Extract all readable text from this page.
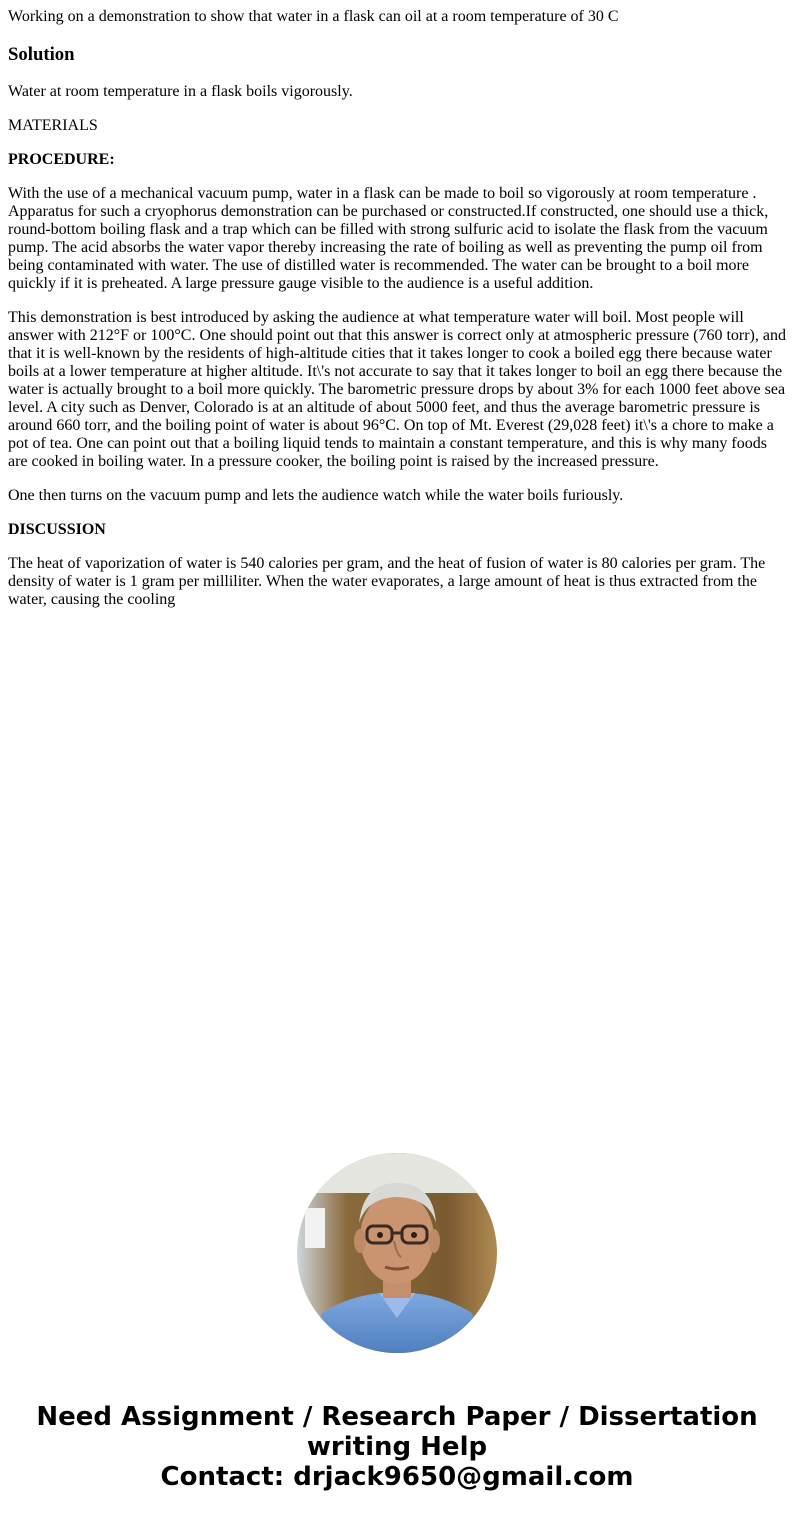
Working on a demonstration to show that water in a flask can oil at a room temperature of 30 C

Solution

Water at room temperature in a flask boils vigorously.

MATERIALS

PROCEDURE:

With the use of a mechanical vacuum pump, water in a flask can be made to boil so vigorously at room temperature . Apparatus for such a cryophorus demonstration can be purchased or constructed.If constructed, one should use a thick, round-bottom boiling flask and a trap which can be filled with strong sulfuric acid to isolate the flask from the vacuum pump. The acid absorbs the water vapor thereby increasing the rate of boiling as well as preventing the pump oil from being contaminated with water. The use of distilled water is recommended. The water can be brought to a boil more quickly if it is preheated. A large pressure gauge visible to the audience is a useful addition.

This demonstration is best introduced by asking the audience at what temperature water will boil. Most people will answer with 212°F or 100°C. One should point out that this answer is correct only at atmospheric pressure (760 torr), and that it is well-known by the residents of high-altitude cities that it takes longer to cook a boiled egg there because water boils at a lower temperature at higher altitude. It\'s not accurate to say that it takes longer to boil an egg there because the water is actually brought to a boil more quickly. The barometric pressure drops by about 3% for each 1000 feet above sea level. A city such as Denver, Colorado is at an altitude of about 5000 feet, and thus the average barometric pressure is around 660 torr, and the boiling point of water is about 96°C. On top of Mt. Everest (29,028 feet) it\'s a chore to make a pot of tea. One can point out that a boiling liquid tends to maintain a constant temperature, and this is why many foods are cooked in boiling water. In a pressure cooker, the boiling point is raised by the increased pressure.

One then turns on the vacuum pump and lets the audience watch while the water boils furiously.

DISCUSSION

The heat of vaporization of water is 540 calories per gram, and the heat of fusion of water is 80 calories per gram. The density of water is 1 gram per milliliter. When the water evaporates, a large amount of heat is thus extracted from the water, causing the cooling

Need Assignment / Research Paper / Dissertation
writing Help
Contact: drjack9650@gmail.com
